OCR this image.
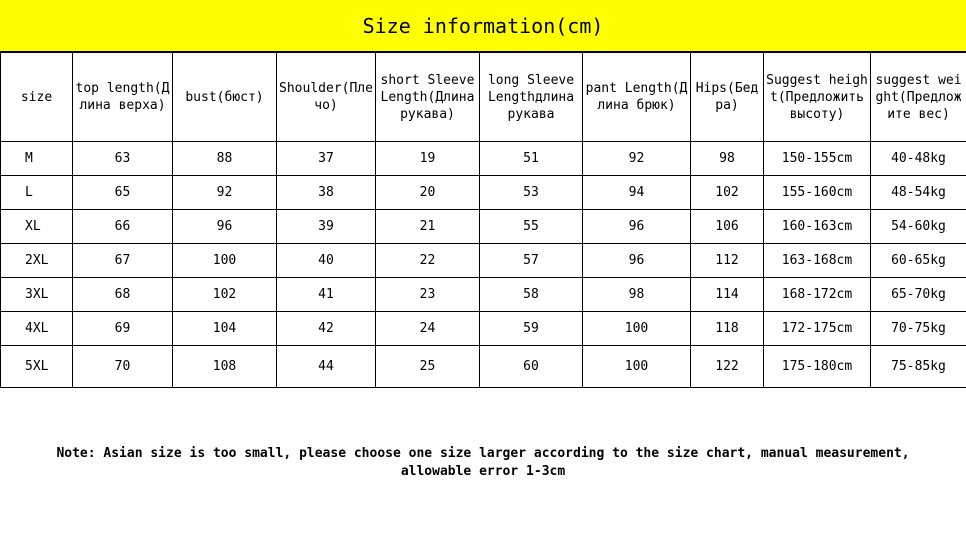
Size information(cm)
size	top length(Длина верха)	bust(бюст)	Shoulder(Плечо)	short Sleeve Length(Длина рукава)	long Sleeve Lengthдлина рукава	pant Length(Длина брюк)	Hips(Бедра)	Suggest height(Предложить высоту)	suggest weight(Предложите вес)
M	63	88	37	19	51	92	98	150-155cm	40-48kg
L	65	92	38	20	53	94	102	155-160cm	48-54kg
XL	66	96	39	21	55	96	106	160-163cm	54-60kg
2XL	67	100	40	22	57	96	112	163-168cm	60-65kg
3XL	68	102	41	23	58	98	114	168-172cm	65-70kg
4XL	69	104	42	24	59	100	118	172-175cm	70-75kg
5XL	70	108	44	25	60	100	122	175-180cm	75-85kg
Note: Asian size is too small, please choose one size larger according to the size chart, manual measurement, allowable error 1-3cm
